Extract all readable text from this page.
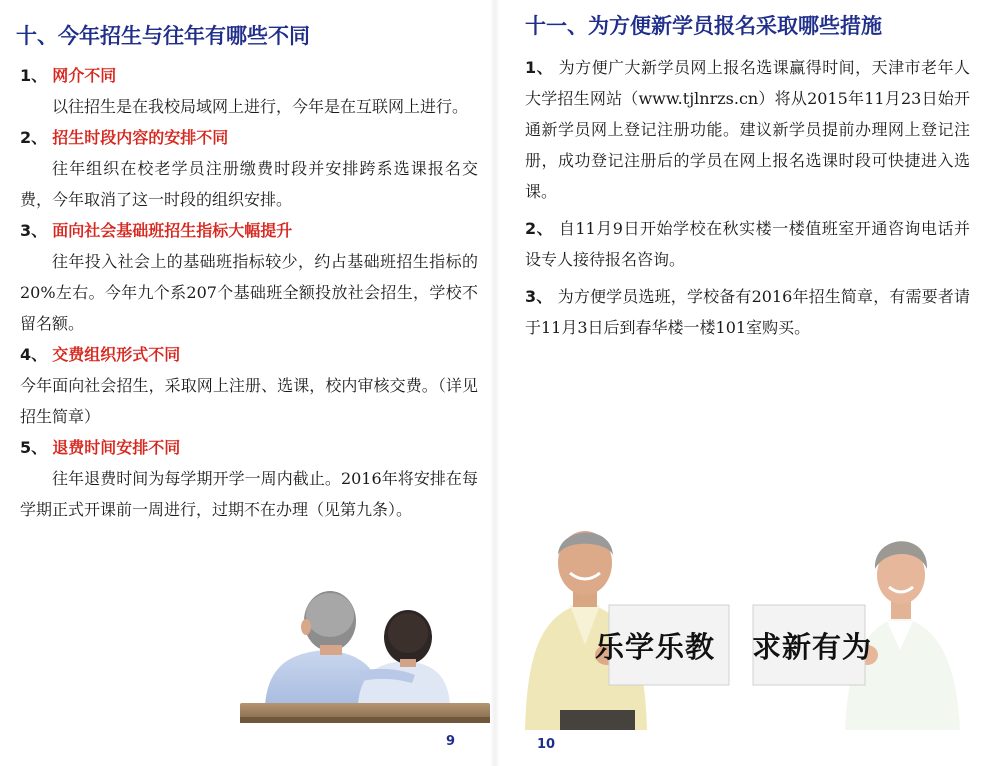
十、今年招生与往年有哪些不同
1、 网介不同
以往招生是在我校局域网上进行，今年是在互联网上进行。
2、 招生时段内容的安排不同
往年组织在校老学员注册缴费时段并安排跨系选课报名交费，今年取消了这一时段的组织安排。
3、 面向社会基础班招生指标大幅提升
往年投入社会上的基础班指标较少，约占基础班招生指标的20%左右。今年九个系207个基础班全额投放社会招生，学校不留名额。
4、 交费组织形式不同
今年面向社会招生，采取网上注册、选课，校内审核交费。（详见招生简章）
5、 退费时间安排不同
往年退费时间为每学期开学一周内截止。2016年将安排在每学期正式开课前一周进行，过期不在办理（见第九条）。
9
十一、为方便新学员报名采取哪些措施
1、 为方便广大新学员网上报名选课赢得时间，天津市老年人大学招生网站（www.tjlnrzs.cn）将从2015年11月23日始开通新学员网上登记注册功能。建议新学员提前办理网上登记注册，成功登记注册后的学员在网上报名选课时段可快捷进入选课。
2、 自11月9日开始学校在秋实楼一楼值班室开通咨询电话并设专人接待报名咨询。
3、 为方便学员选班，学校备有2016年招生简章，有需要者请于11月3日后到春华楼一楼101室购买。
乐学乐教 求新有为
10
